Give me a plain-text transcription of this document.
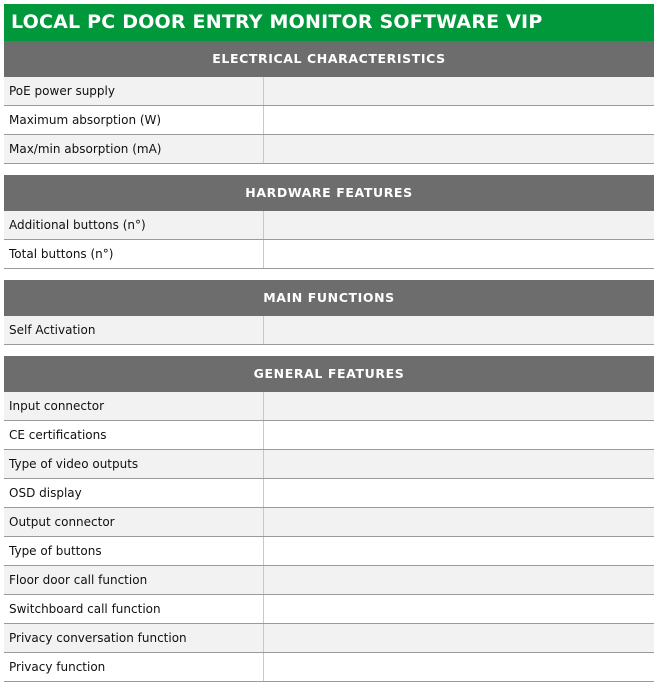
LOCAL PC DOOR ENTRY MONITOR SOFTWARE VIP
ELECTRICAL CHARACTERISTICS
PoE power supply
Maximum absorption (W)
Max/min absorption (mA)
HARDWARE FEATURES
Additional buttons (n°)
Total buttons (n°)
MAIN FUNCTIONS
Self Activation
GENERAL FEATURES
Input connector
CE certifications
Type of video outputs
OSD display
Output connector
Type of buttons
Floor door call function
Switchboard call function
Privacy conversation function
Privacy function
